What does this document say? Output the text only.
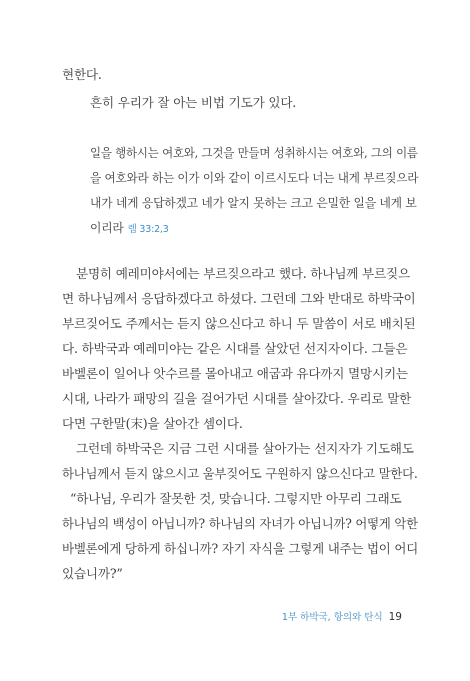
현한다.
흔히 우리가 잘 아는 비법 기도가 있다.
일을 행하시는 여호와, 그것을 만들며 성취하시는 여호와, 그의 이름
을 여호와라 하는 이가 이와 같이 이르시도다 너는 내게 부르짖으라
내가 네게 응답하겠고 네가 알지 못하는 크고 은밀한 일을 네게 보
이리라 렘 33:2,3
분명히 예레미야서에는 부르짖으라고 했다. 하나님께 부르짖으
면 하나님께서 응답하겠다고 하셨다. 그런데 그와 반대로 하박국이
부르짖어도 주께서는 듣지 않으신다고 하니 두 말씀이 서로 배치된
다. 하박국과 예레미야는 같은 시대를 살았던 선지자이다. 그들은
바벨론이 일어나 앗수르를 몰아내고 애굽과 유다까지 멸망시키는
시대, 나라가 패망의 길을 걸어가던 시대를 살아갔다. 우리로 말한
다면 구한말(末)을 살아간 셈이다.
그런데 하박국은 지금 그런 시대를 살아가는 선지자가 기도해도
하나님께서 듣지 않으시고 울부짖어도 구원하지 않으신다고 말한다.
“하나님, 우리가 잘못한 것, 맞습니다. 그렇지만 아무리 그래도
하나님의 백성이 아닙니까? 하나님의 자녀가 아닙니까? 어떻게 악한
바벨론에게 당하게 하십니까? 자기 자식을 그렇게 내주는 법이 어디
있습니까?”
1부 하박국, 항의와 탄식 19
